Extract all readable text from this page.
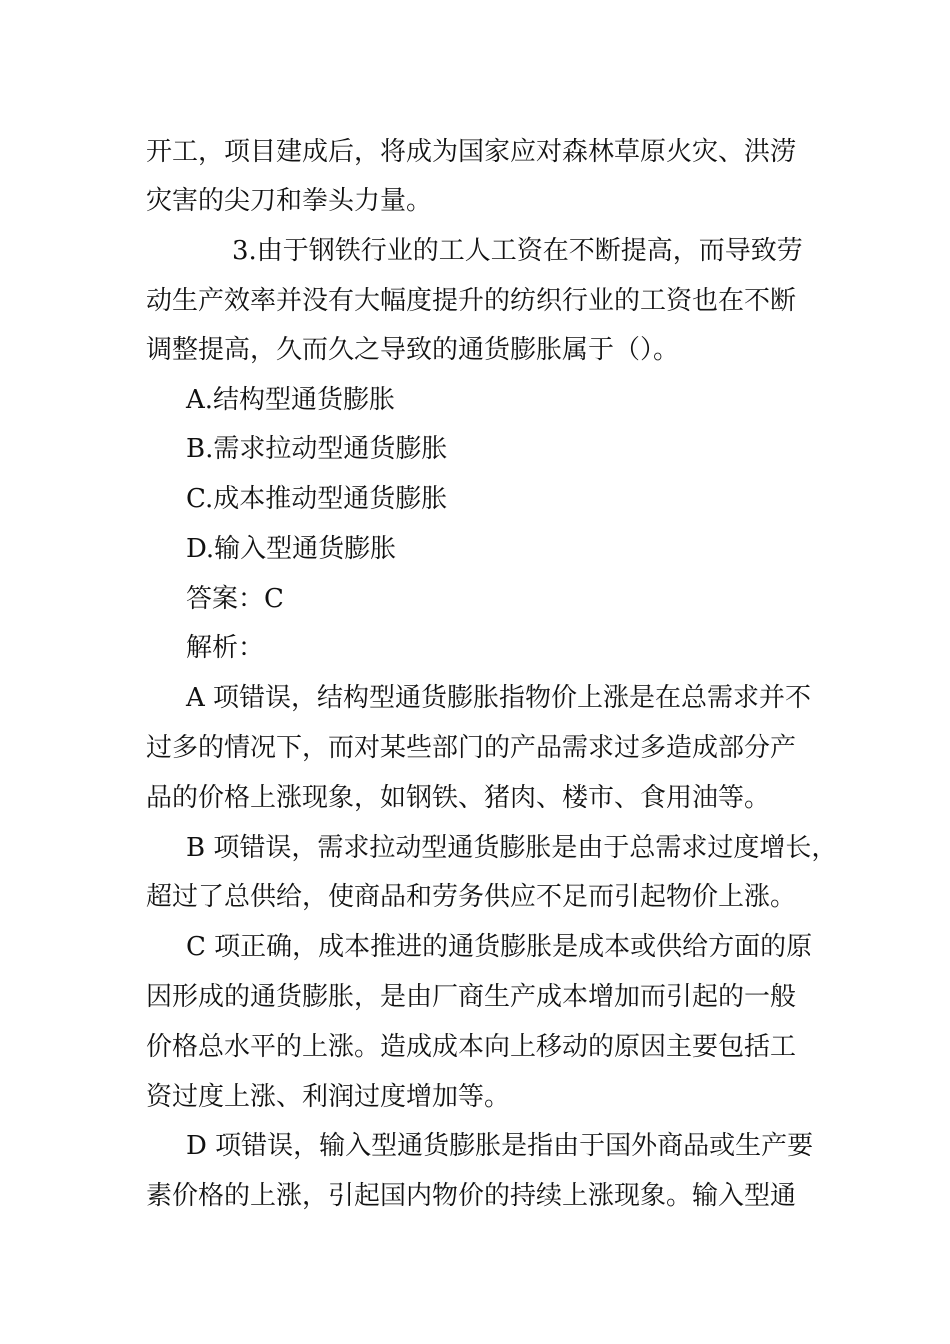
开工，项目建成后，将成为国家应对森林草原火灾、洪涝
灾害的尖刀和拳头力量。
3.由于钢铁行业的工人工资在不断提高，而导致劳
动生产效率并没有大幅度提升的纺织行业的工资也在不断
调整提高，久而久之导致的通货膨胀属于（）。
A.结构型通货膨胀
B.需求拉动型通货膨胀
C.成本推动型通货膨胀
D.输入型通货膨胀
答案：C
解析：
A 项错误，结构型通货膨胀指物价上涨是在总需求并不
过多的情况下，而对某些部门的产品需求过多造成部分产
品的价格上涨现象，如钢铁、猪肉、楼市、食用油等。
B 项错误，需求拉动型通货膨胀是由于总需求过度增长，
超过了总供给，使商品和劳务供应不足而引起物价上涨。
C 项正确，成本推进的通货膨胀是成本或供给方面的原
因形成的通货膨胀，是由厂商生产成本增加而引起的一般
价格总水平的上涨。造成成本向上移动的原因主要包括工
资过度上涨、利润过度增加等。
D 项错误，输入型通货膨胀是指由于国外商品或生产要
素价格的上涨，引起国内物价的持续上涨现象。输入型通
